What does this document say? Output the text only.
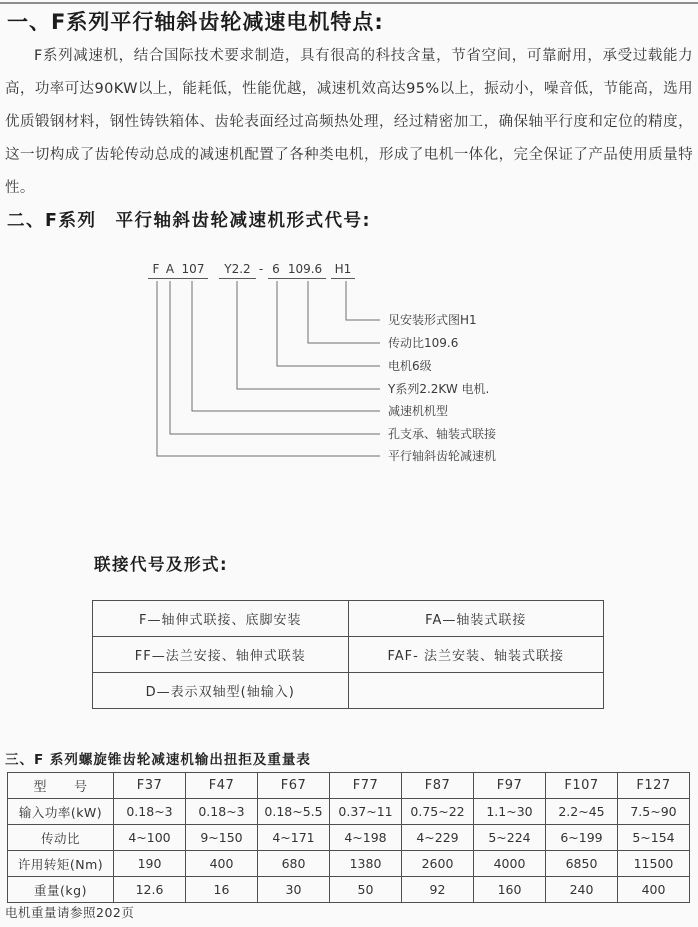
一、F系列平行轴斜齿轮减速电机特点:

F系列减速机，结合国际技术要求制造，具有很高的科技含量，节省空间，可靠耐用，承受过载能力高，功率可达90KW以上，能耗低，性能优越，减速机效高达95%以上，振动小，噪音低，节能高，选用优质锻钢材料，钢性铸铁箱体、齿轮表面经过高频热处理，经过精密加工，确保轴平行度和定位的精度，这一切构成了齿轮传动总成的减速机配置了各种类电机，形成了电机一体化，完全保证了产品使用质量特性。

二、F系列　平行轴斜齿轮减速机形式代号:
F A 107	Y2.2 - 6 109.6	H1
见安装形式图H1
传动比109.6
电机6级
Y系列2.2KW 电机.
减速机机型
孔支承、轴装式联接
平行轴斜齿轮减速机
联接代号及形式:
F—轴伸式联接、底脚安装	FA—轴装式联接
FF—法兰安接、轴伸式联装	FAF- 法兰安装、轴装式联接
D—表示双轴型(轴输入)	
三、F 系列螺旋锥齿轮减速机输出扭拒及重量表
型　　号	F37	F47	F67	F77	F87	F97	F107	F127
输入功率(kW)	0.18~3	0.18~3	0.18~5.5	0.37~11	0.75~22	1.1~30	2.2~45	7.5~90
传动比	4~100	9~150	4~171	4~198	4~229	5~224	6~199	5~154
许用转矩(Nm)	190	400	680	1380	2600	4000	6850	11500
重量(kg)	12.6	16	30	50	92	160	240	400
电机重量请参照202页
